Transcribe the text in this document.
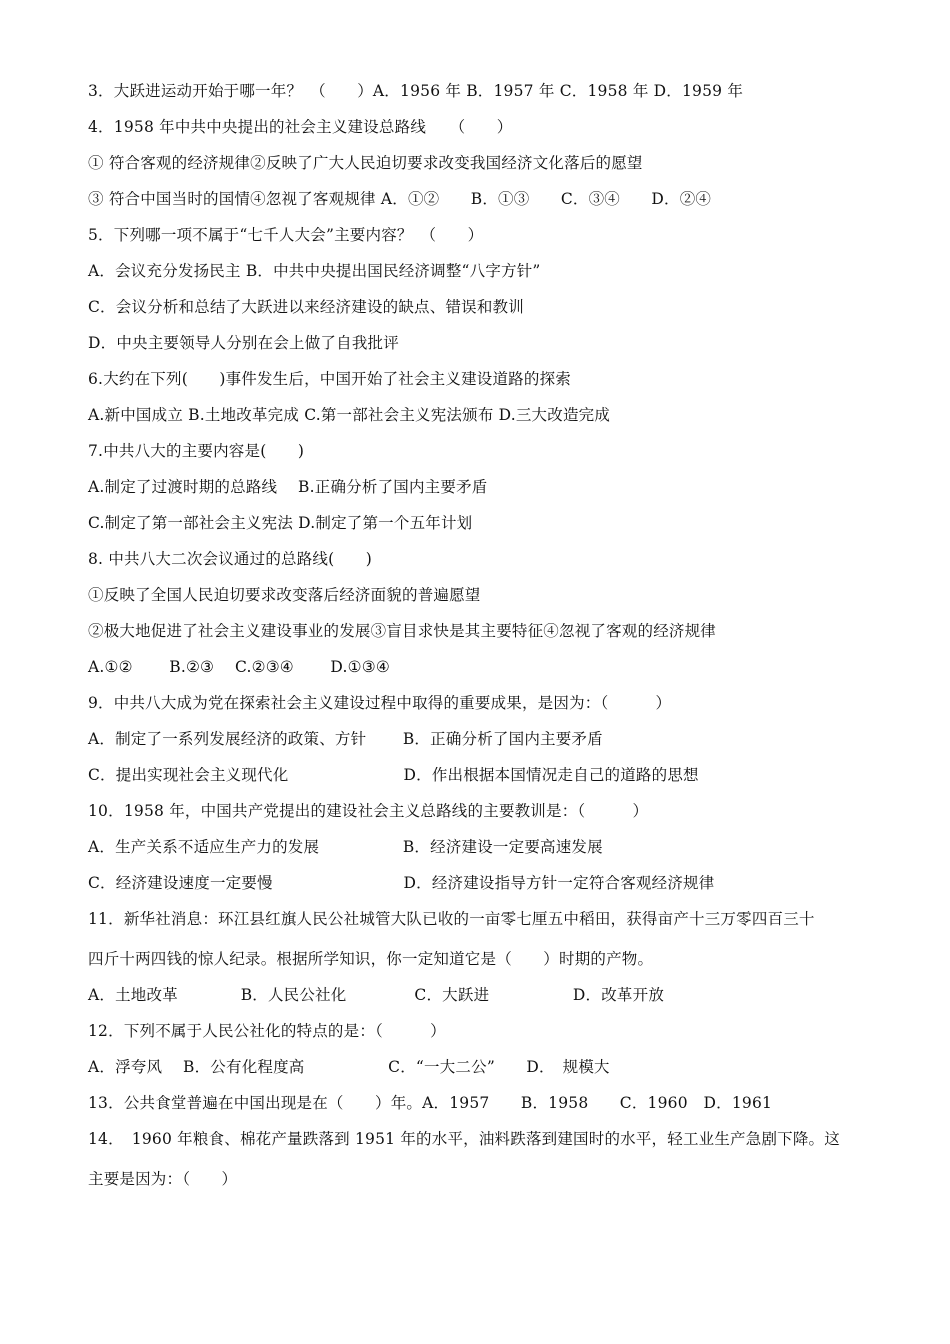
3．大跃进运动开始于哪一年？　（　　）A．1956 年 B．1957 年 C．1958 年 D．1959 年
4．1958 年中共中央提出的社会主义建设总路线　　（　　）
① 符合客观的经济规律②反映了广大人民迫切要求改变我国经济文化落后的愿望
③ 符合中国当时的国情④忽视了客观规律 A．①②　　B．①③　　C．③④　　D．②④
5．下列哪一项不属于“七千人大会”主要内容？　（　　）
A．会议充分发扬民主 B．中共中央提出国民经济调整“八字方针”
C．会议分析和总结了大跃进以来经济建设的缺点、错误和教训
D．中央主要领导人分别在会上做了自我批评
6.大约在下列(　　)事件发生后，中国开始了社会主义建设道路的探索
A.新中国成立 B.土地改革完成 C.第一部社会主义宪法颁布 D.三大改造完成
7.中共八大的主要内容是(　　)
A.制定了过渡时期的总路线　 B.正确分析了国内主要矛盾
C.制定了第一部社会主义宪法 D.制定了第一个五年计划
8. 中共八大二次会议通过的总路线(　　)
①反映了全国人民迫切要求改变落后经济面貌的普遍愿望
②极大地促进了社会主义建设事业的发展③盲目求快是其主要特征④忽视了客观的经济规律
A.①②　　 B.②③　 C.②③④　　 D.①③④
9．中共八大成为党在探索社会主义建设过程中取得的重要成果，是因为：（　　　）
A．制定了一系列发展经济的政策、方针　　 B．正确分析了国内主要矛盾
C．提出实现社会主义现代化　　　　　　　 D．作出根据本国情况走自己的道路的思想
10．1958 年，中国共产党提出的建设社会主义总路线的主要教训是：（　　　）
A．生产关系不适应生产力的发展　　　　　 B．经济建设一定要高速发展
C．经济建设速度一定要慢　　　　　　　　 D．经济建设指导方针一定符合客观经济规律
11．新华社消息：环江县红旗人民公社城管大队已收的一亩零七厘五中稻田，获得亩产十三万零四百三十
四斤十两四钱的惊人纪录。根据所学知识，你一定知道它是（　　）时期的产物。
A．土地改革　　　　B．人民公社化　　　　 C．大跃进　　　　　 D．改革开放
12．下列不属于人民公社化的特点的是：（　　　）
A．浮夸风　 B．公有化程度高　　　　　 C．“一大二公”　　D．　规模大
13．公共食堂普遍在中国出现是在（　　）年。A．1957　　B．1958　　C．1960　D．1961
14．　1960 年粮食、棉花产量跌落到 1951 年的水平，油料跌落到建国时的水平，轻工业生产急剧下降。这
主要是因为：（　　）
